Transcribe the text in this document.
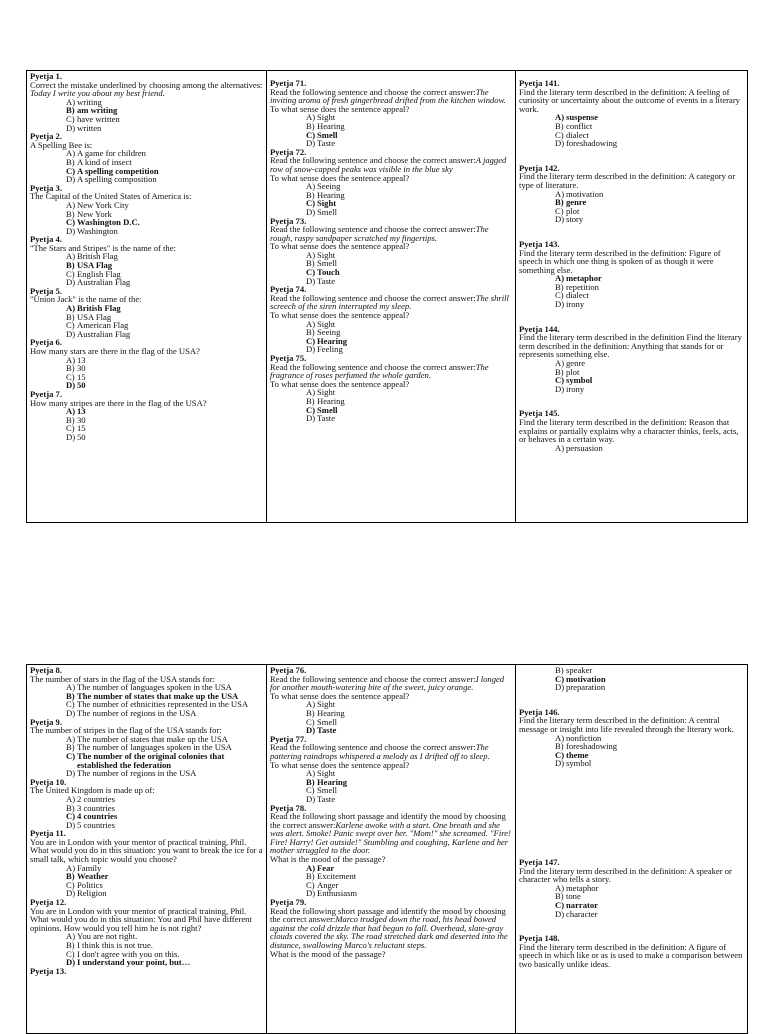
Pyetja 1.
Correct the mistake underlined by choosing among the alternatives: Today I write you about my best friend.
A) writing
B) am writing
C) have written
D) written
Pyetja 2.
A Spelling Bee is:
A) A game for children
B) A kind of insect
C) A spelling competition
D) A spelling composition
Pyetja 3.
The Capital of the United States of America is:
A) New York City
B) New York
C) Washington D.C.
D) Washington
Pyetja 4.
"The Stars and Stripes" is the name of the:
A) British Flag
B) USA Flag
C) English Flag
D) Australian Flag
Pyetja 5.
"Union Jack" is the name of the:
A) British Flag
B) USA Flag
C) American Flag
D) Australian Flag
Pyetja 6.
How many stars are there in the flag of the USA?
A) 13
B) 30
C) 15
D) 50
Pyetja 7.
How many stripes are there in the flag of the USA?
A) 13
B) 30
C) 15
D) 50
Pyetja 71.
Read the following sentence and choose the correct answer:The inviting aroma of fresh gingerbread drifted from the kitchen window.
To what sense does the sentence appeal?
A) Sight
B) Hearing
C) Smell
D) Taste
Pyetja 72.
Read the following sentence and choose the correct answer:A jagged row of snow-capped peaks was visible in the blue sky
To what sense does the sentence appeal?
A) Seeing
B) Hearing
C) Sight
D) Smell
Pyetja 73.
Read the following sentence and choose the correct answer:The rough, raspy sandpaper scratched my fingertips.
To what sense does the sentence appeal?
A) Sight
B) Smell
C) Touch
D) Taste
Pyetja 74.
Read the following sentence and choose the correct answer:The shrill screech of the siren interrupted my sleep.
To what sense does the sentence appeal?
A) Sight
B) Seeing
C) Hearing
D) Feeling
Pyetja 75.
Read the following sentence and choose the correct answer:The fragrance of roses perfumed the whole garden.
To what sense does the sentence appeal?
A) Sight
B) Hearing
C) Smell
D) Taste
Pyetja 141.
Find the literary term described in the definition: A feeling of curiosity or uncertainty about the outcome of events in a literary work.
A) suspense
B) conflict
C) dialect
D) foreshadowing
Pyetja 142.
Find the literary term described in the definition: A category or type of literature.
A) motivation
B) genre
C) plot
D) story
Pyetja 143.
Find the literary term described in the definition: Figure of speech in which one thing is spoken of as though it were something else.
A) metaphor
B) repetition
C) dialect
D) irony
Pyetja 144.
Find the literary term described in the definition Find the literary term described in the definition: Anything that stands for or represents something else.
A) genre
B) plot
C) symbol
D) irony
Pyetja 145.
Find the literary term described in the definition: Reason that explains or partially explains why a character thinks, feels, acts, or behaves in a certain way.
A) persuasion
Pyetja 8.
The number of stars in the flag of the USA stands for:
A) The number of languages spoken in the USA
B) The number of states that make up the USA
C) The number of ethnicities represented in the USA
D) The number of regions in the USA
Pyetja 9.
The number of stripes in the flag of the USA stands for:
A) The number of states that make up the USA
B) The number of languages spoken in the USA
C) The number of the original colonies that established the federation
D) The number of regions in the USA
Pyetja 10.
The United Kingdom is made up of:
A) 2 countries
B) 3 countries
C) 4 countries
D) 5 countries
Pyetja 11.
You are in London with your mentor of practical training, Phil. What would you do in this situation: you want to break the ice for a small talk, which topic would you choose?
A) Family
B) Weather
C) Politics
D) Religion
Pyetja 12.
You are in London with your mentor of practical training, Phil. What would you do in this situation: You and Phil have different opinions. How would you tell him he is not right?
A) You are not right.
B) I think this is not true.
C) I don't agree with you on this.
D) I understand your point, but…
Pyetja 13.
Pyetja 76.
Read the following sentence and choose the correct answer:I longed for another mouth-watering bite of the sweet, juicy orange.
To what sense does the sentence appeal?
A) Sight
B) Hearing
C) Smell
D) Taste
Pyetja 77.
Read the following sentence and choose the correct answer:The pattering raindrops whispered a melody as I drifted off to sleep.
To what sense does the sentence appeal?
A) Sight
B) Hearing
C) Smell
D) Taste
Pyetja 78.
Read the following short passage and identify the mood by choosing the correct answer:Karlene awoke with a start. One breath and she was alert. Smoke! Panic swept over her. "Mom!" she screamed. "Fire! Fire! Harry! Get outside!" Stumbling and coughing, Karlene and her mother struggled to the door.
What is the mood of the passage?
A) Fear
B) Excitement
C) Anger
D) Enthusiasm
Pyetja 79.
Read the following short passage and identify the mood by choosing the correct answer:Marco trudged down the road, his head bowed against the cold drizzle that had begun to fall. Overhead, slate-gray clouds covered the sky. The road stretched dark and deserted into the distance, swallowing Marco's reluctant steps.
What is the mood of the passage?
B) speaker
C) motivation
D) preparation
Pyetja 146.
Find the literary term described in the definition: A central message or insight into life revealed through the literary work.
A) nonfiction
B) foreshadowing
C) theme
D) symbol
Pyetja 147.
Find the literary term described in the definition: A speaker or character who tells a story.
A) metaphor
B) tone
C) narrator
D) character
Pyetja 148.
Find the literary term described in the definition: A figure of speech in which like or as is used to make a comparison between two basically unlike ideas.
